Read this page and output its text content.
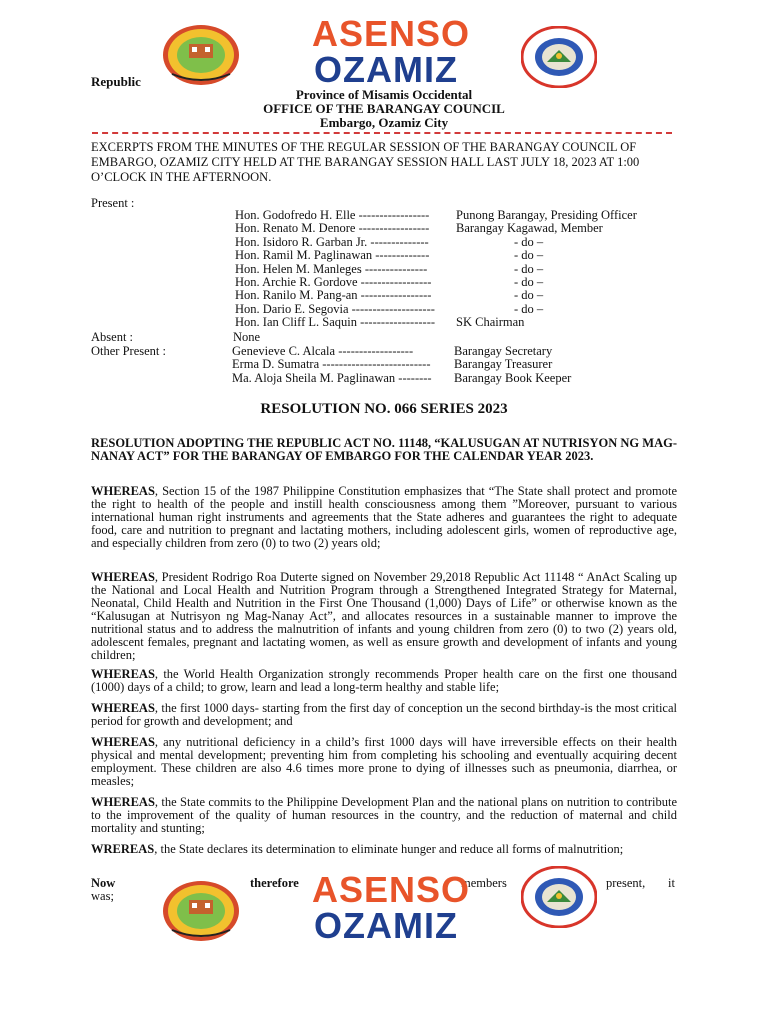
ASENSO
OZAMIZ
Republic
Province of Misamis Occidental
OFFICE OF THE BARANGAY COUNCIL
Embargo, Ozamiz City
EXCERPTS FROM THE MINUTES OF THE REGULAR SESSION OF THE BARANGAY COUNCIL OF EMBARGO, OZAMIZ CITY HELD AT THE BARANGAY SESSION HALL LAST JULY 18, 2023 AT 1:00 O’CLOCK IN THE AFTERNOON.
Present :
Hon. Godofredo H. Elle ----------------- Punong Barangay, Presiding Officer
Hon. Renato M. Denore ----------------- Barangay Kagawad, Member
Hon. Isidoro R. Garban Jr. --------------	- do –
Hon. Ramil M. Paglinawan -------------	- do –
Hon. Helen M. Manleges ---------------	- do –
Hon. Archie R. Gordove -----------------	- do –
Hon. Ranilo M. Pang-an -----------------	- do –
Hon. Dario E. Segovia --------------------	- do –
Hon. Ian Cliff L. Saquin ------------------ SK Chairman
Absent :	None
Other Present :	Genevieve C. Alcala ------------------	Barangay Secretary
Erma D. Sumatra -------------------------- Barangay Treasurer
Ma. Aloja Sheila M. Paglinawan -------- Barangay Book Keeper
RESOLUTION NO. 066 SERIES 2023
RESOLUTION ADOPTING THE REPUBLIC ACT NO. 11148, “KALUSUGAN AT NUTRISYON NG MAG-NANAY ACT” FOR THE BARANGAY OF EMBARGO FOR THE CALENDAR YEAR 2023.
WHEREAS, Section 15 of the 1987 Philippine Constitution emphasizes that “The State shall protect and promote the right to health of the people and instill health consciousness among them ”Moreover, pursuant to various international human right instruments and agreements that the State adheres and guarantees the right to adequate food, care and nutrition to pregnant and lactating mothers, including adolescent girls, women of reproductive age, and especially children from zero (0) to two (2) years old;
WHEREAS, President Rodrigo Roa Duterte signed on November 29,2018 Republic Act 11148 “ AnAct Scaling up the National and Local Health and Nutrition Program through a Strengthened Integrated Strategy for Maternal, Neonatal, Child Health and Nutrition in the First One Thousand (1,000) Days of Life” or otherwise known as the “Kalusugan at Nutrisyon ng Mag-Nanay Act”, and allocates resources in a sustainable manner to improve the nutritional status and to address the malnutrition of infants and young children from zero (0) to two (2) years old, adolescent females, pregnant and lactating women, as well as ensure growth and development of infants and young children;
WHEREAS, the World Health Organization strongly recommends Proper health care on the first one thousand (1000) days of a child; to grow, learn and lead a long-term healthy and stable life;
WHEREAS, the first 1000 days- starting from the first day of conception un the second birthday-is the most critical period for growth and development; and
WHEREAS, any nutritional deficiency in a child’s first 1000 days will have irreversible effects on their health physical and mental development; preventing him from completing his schooling and eventually acquiring decent employment. These children are also 4.6 times more prone to dying of illnesses such as pneumonia, diarrhea, or measles;
WHEREAS, the State commits to the Philippine Development Plan and the national plans on nutrition to contribute to the improvement of the quality of human resources in the country, and the reduction of maternal and child mortality and stunting;
WREREAS, the State declares its determination to eliminate hunger and reduce all forms of malnutrition;
Now	therefore	members	present, it
was;	ASENSO
OZAMIZ
